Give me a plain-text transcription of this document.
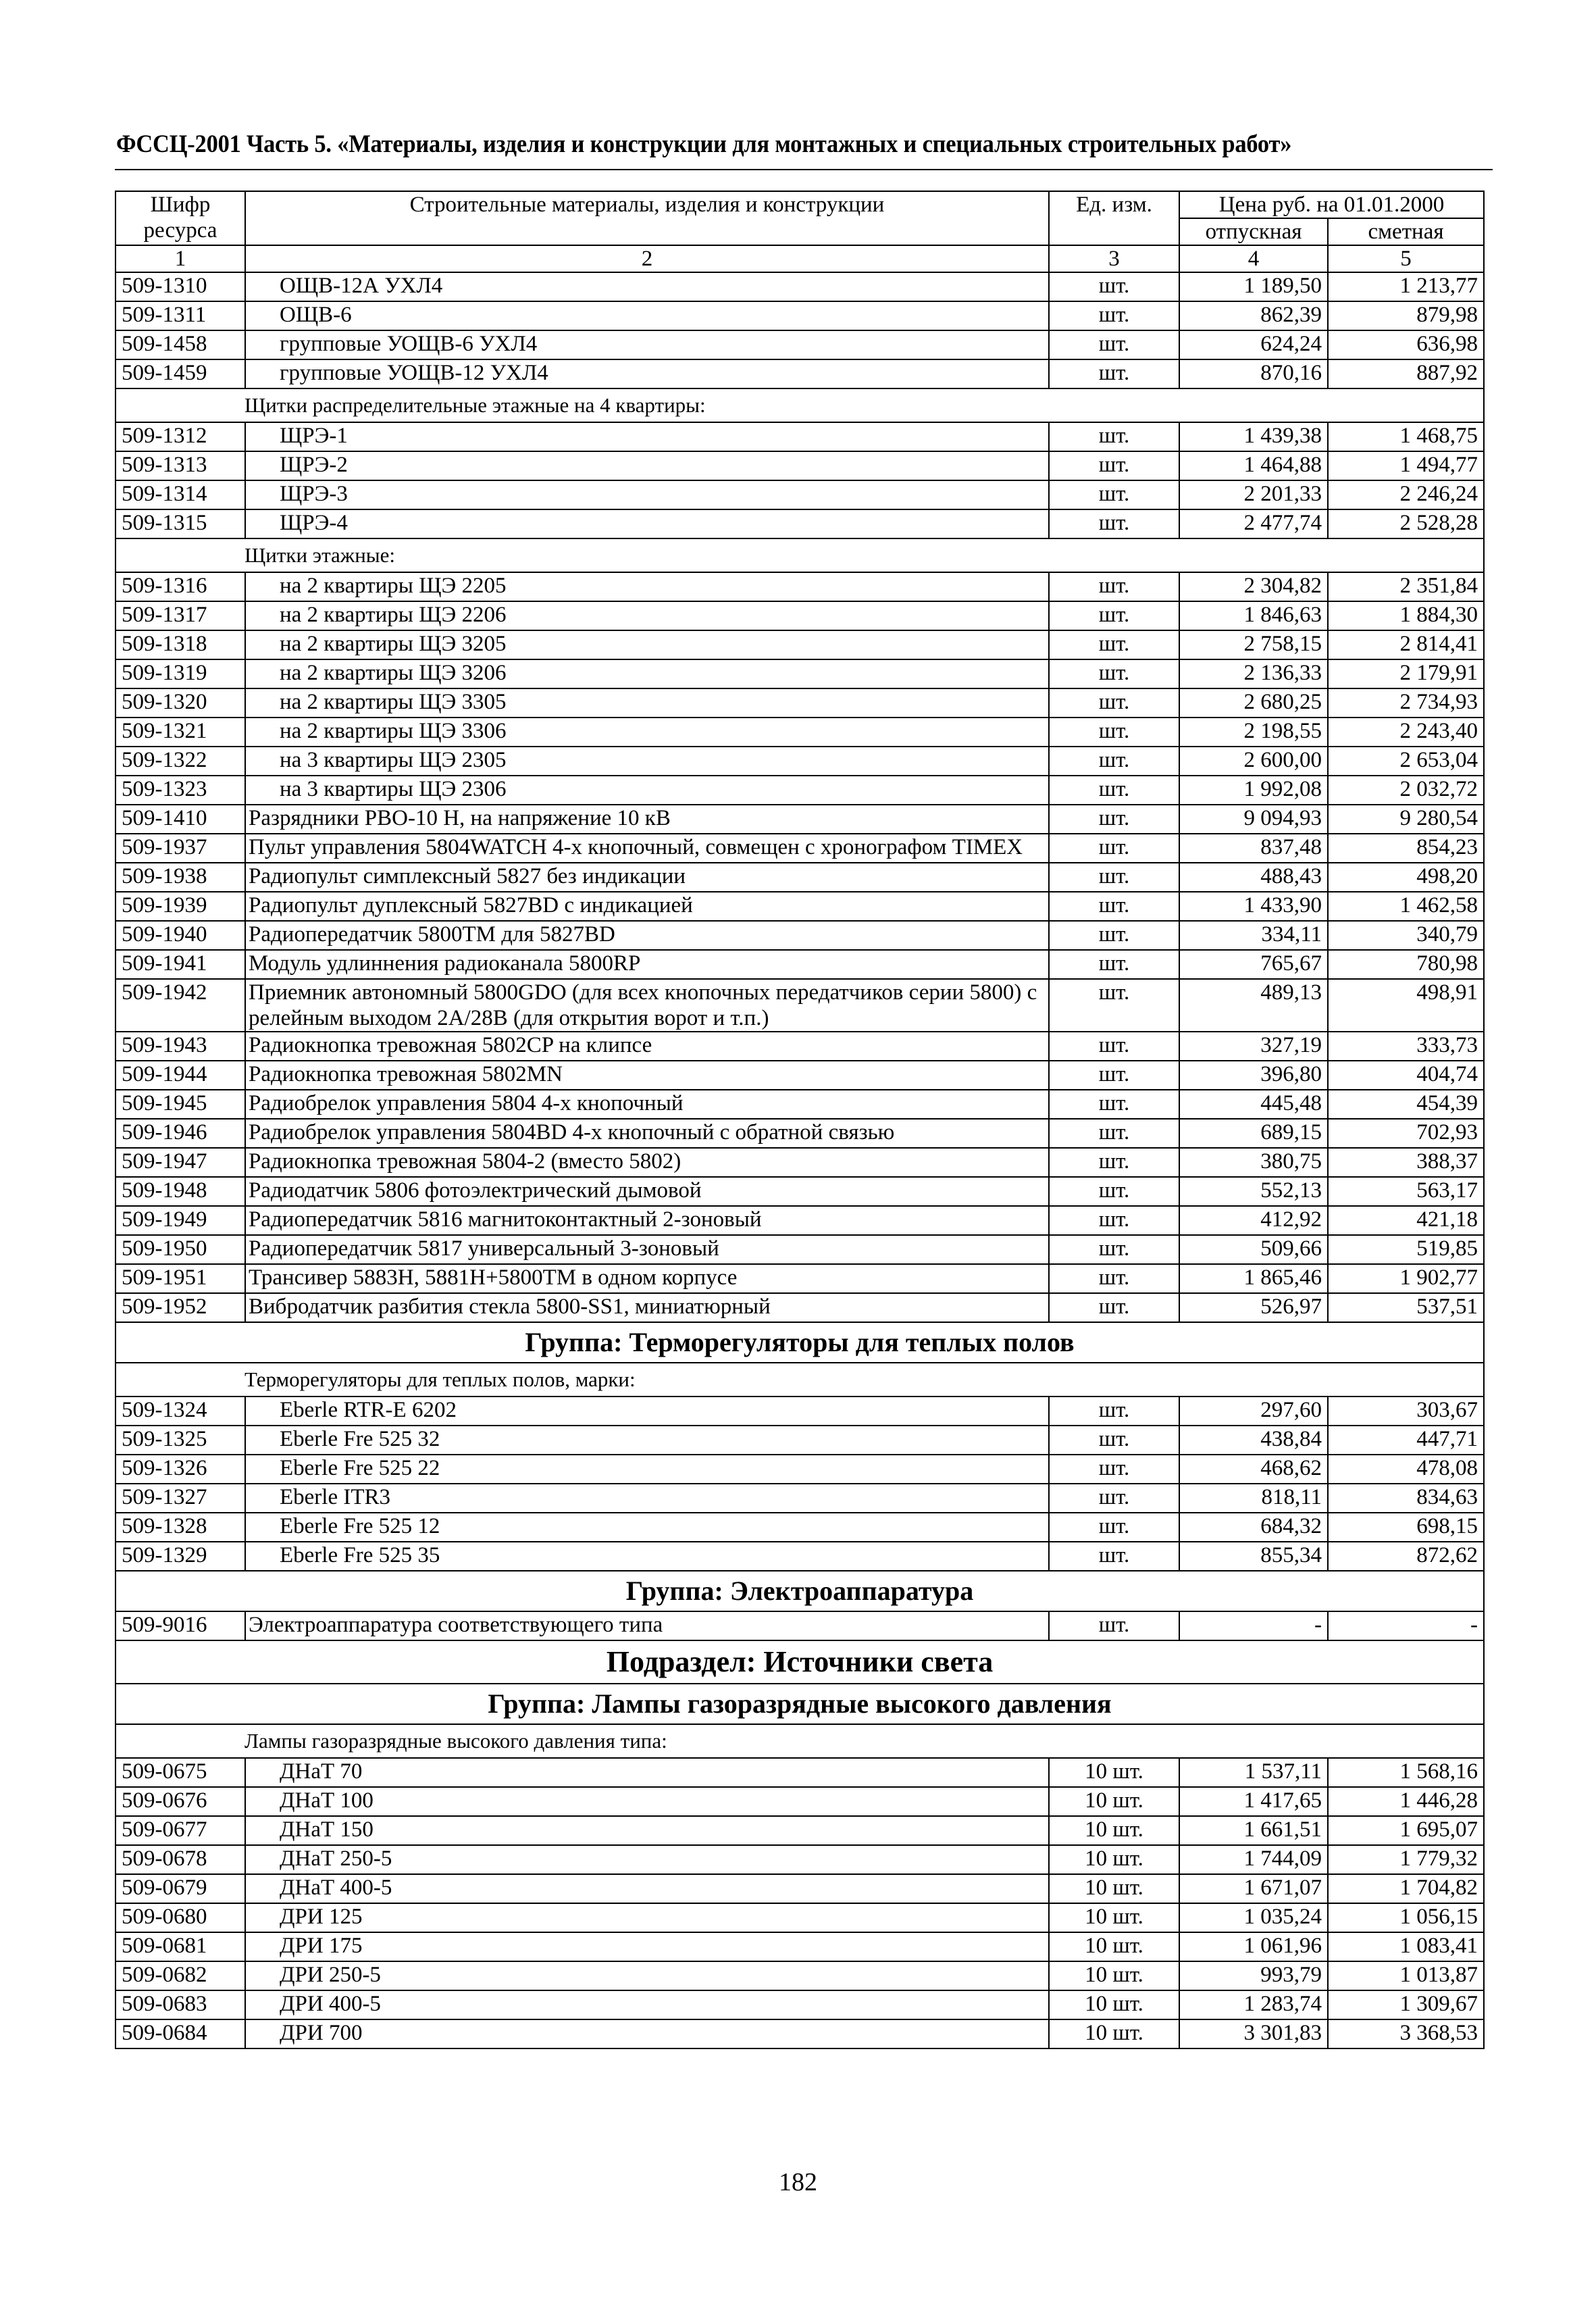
ФССЦ-2001 Часть 5. «Материалы, изделия и конструкции для монтажных и специальных строительных работ»
Шифр ресурса	Строительные материалы, изделия и конструкции	Ед. изм.	Цена руб. на 01.01.2000	
			отпускная	сметная
1	2	3	4	5
509-1310	ОЩВ-12А УХЛ4	шт.	1 189,50	1 213,77
509-1311	ОЩВ-6	шт.	862,39	879,98
509-1458	групповые УОЩВ-6 УХЛ4	шт.	624,24	636,98
509-1459	групповые УОЩВ-12 УХЛ4	шт.	870,16	887,92
Щитки распределительные этажные на 4 квартиры:				
509-1312	ЩРЭ-1	шт.	1 439,38	1 468,75
509-1313	ЩРЭ-2	шт.	1 464,88	1 494,77
509-1314	ЩРЭ-3	шт.	2 201,33	2 246,24
509-1315	ЩРЭ-4	шт.	2 477,74	2 528,28
Щитки этажные:				
509-1316	на 2 квартиры ЩЭ 2205	шт.	2 304,82	2 351,84
509-1317	на 2 квартиры ЩЭ 2206	шт.	1 846,63	1 884,30
509-1318	на 2 квартиры ЩЭ 3205	шт.	2 758,15	2 814,41
509-1319	на 2 квартиры ЩЭ 3206	шт.	2 136,33	2 179,91
509-1320	на 2 квартиры ЩЭ 3305	шт.	2 680,25	2 734,93
509-1321	на 2 квартиры ЩЭ 3306	шт.	2 198,55	2 243,40
509-1322	на 3 квартиры ЩЭ 2305	шт.	2 600,00	2 653,04
509-1323	на 3 квартиры ЩЭ 2306	шт.	1 992,08	2 032,72
509-1410	Разрядники РВО-10 Н, на напряжение 10 кВ	шт.	9 094,93	9 280,54
509-1937	Пульт управления 5804WATCH 4-х кнопочный, совмещен с хронографом TIMEX	шт.	837,48	854,23
509-1938	Радиопульт симплексный 5827 без индикации	шт.	488,43	498,20
509-1939	Радиопульт дуплексный 5827BD с индикацией	шт.	1 433,90	1 462,58
509-1940	Радиопередатчик 5800TM для 5827BD	шт.	334,11	340,79
509-1941	Модуль удлиннения радиоканала 5800RP	шт.	765,67	780,98
509-1942	Приемник автономный 5800GDO (для всех кнопочных передатчиков серии 5800) с релейным выходом 2А/28В (для открытия ворот и т.п.)	шт.	489,13	498,91
509-1943	Радиокнопка тревожная 5802CP на клипсе	шт.	327,19	333,73
509-1944	Радиокнопка тревожная 5802MN	шт.	396,80	404,74
509-1945	Радиобрелок управления 5804 4-х кнопочный	шт.	445,48	454,39
509-1946	Радиобрелок управления 5804BD 4-х кнопочный с обратной связью	шт.	689,15	702,93
509-1947	Радиокнопка тревожная 5804-2 (вместо 5802)	шт.	380,75	388,37
509-1948	Радиодатчик 5806 фотоэлектрический дымовой	шт.	552,13	563,17
509-1949	Радиопередатчик 5816 магнитоконтактный 2-зоновый	шт.	412,92	421,18
509-1950	Радиопередатчик 5817 универсальный 3-зоновый	шт.	509,66	519,85
509-1951	Трансивер 5883H, 5881H+5800TM в одном корпусе	шт.	1 865,46	1 902,77
509-1952	Вибродатчик разбития стекла 5800-SS1, миниатюрный	шт.	526,97	537,51
Группа: Терморегуляторы для теплых полов				
Терморегуляторы для теплых полов, марки:				
509-1324	Eberle RTR-E 6202	шт.	297,60	303,67
509-1325	Eberle Fre 525 32	шт.	438,84	447,71
509-1326	Eberle Fre 525 22	шт.	468,62	478,08
509-1327	Eberle ITR3	шт.	818,11	834,63
509-1328	Eberle Fre 525 12	шт.	684,32	698,15
509-1329	Eberle Fre 525 35	шт.	855,34	872,62
Группа: Электроаппаратура				
509-9016	Электроаппаратура соответствующего типа	шт.	-	-
Подраздел: Источники света				
Группа: Лампы газоразрядные высокого давления				
Лампы газоразрядные высокого давления типа:				
509-0675	ДНаТ 70	10 шт.	1 537,11	1 568,16
509-0676	ДНаТ 100	10 шт.	1 417,65	1 446,28
509-0677	ДНаТ 150	10 шт.	1 661,51	1 695,07
509-0678	ДНаТ 250-5	10 шт.	1 744,09	1 779,32
509-0679	ДНаТ 400-5	10 шт.	1 671,07	1 704,82
509-0680	ДРИ 125	10 шт.	1 035,24	1 056,15
509-0681	ДРИ 175	10 шт.	1 061,96	1 083,41
509-0682	ДРИ 250-5	10 шт.	993,79	1 013,87
509-0683	ДРИ 400-5	10 шт.	1 283,74	1 309,67
509-0684	ДРИ 700	10 шт.	3 301,83	3 368,53
182
